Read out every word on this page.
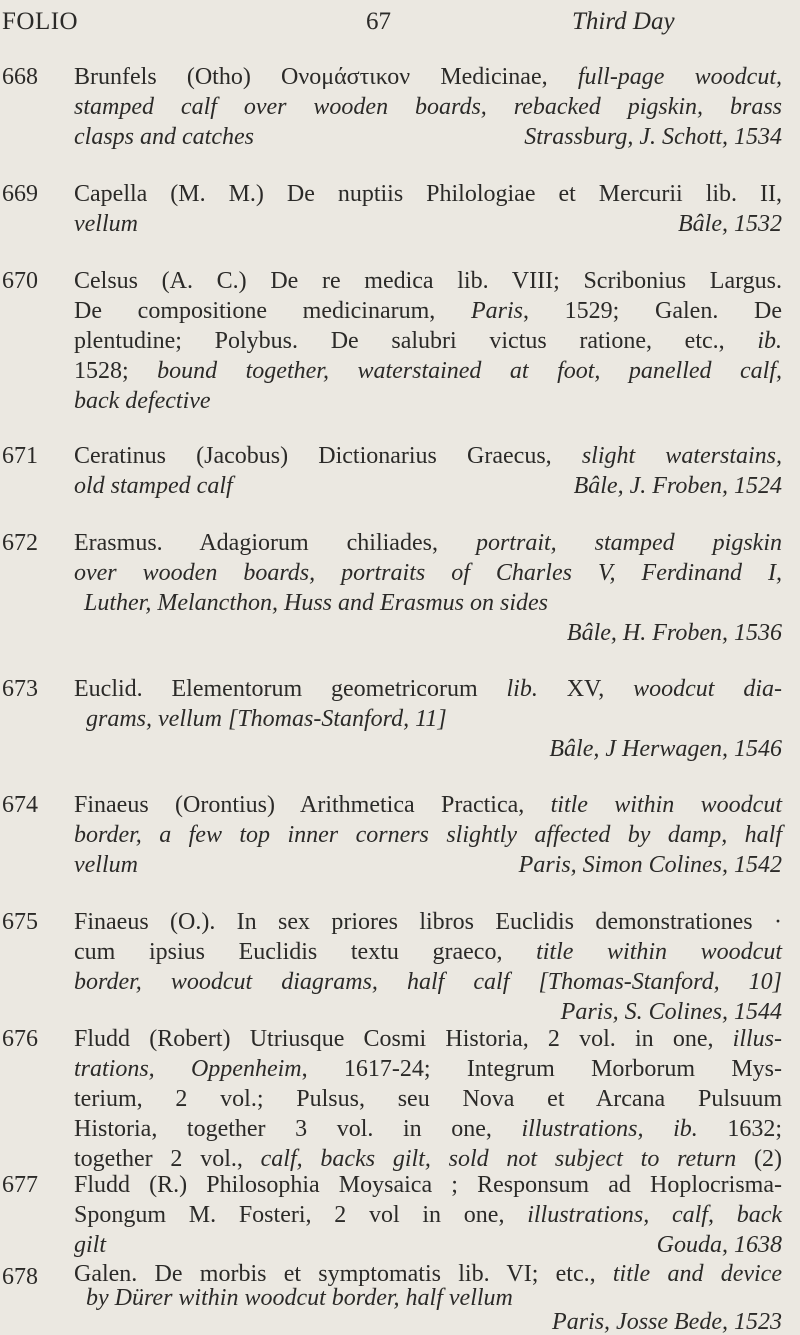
FOLIO	67	Third Day
668 Brunfels (Otho) Ονομάστικον Medicinae, full-page woodcut,
stamped calf over wooden boards, rebacked pigskin, brass
clasps and catches	Strassburg, J. Schott, 1534
669 Capella (M. M.) De nuptiis Philologiae et Mercurii lib. II,
vellum	Bâle, 1532
670 Celsus (A. C.) De re medica lib. VIII; Scribonius Largus.
De compositione medicinarum, Paris, 1529; Galen. De
plentudine; Polybus. De salubri victus ratione, etc., ib.
1528; bound together, waterstained at foot, panelled calf,
back defective
671 Ceratinus (Jacobus) Dictionarius Graecus, slight waterstains,
old stamped calf	Bâle, J. Froben, 1524
672 Erasmus. Adagiorum chiliades, portrait, stamped pigskin
over wooden boards, portraits of Charles V, Ferdinand I,
Luther, Melancthon, Huss and Erasmus on sides
Bâle, H. Froben, 1536
673 Euclid. Elementorum geometricorum lib. XV, woodcut dia-
grams, vellum [Thomas-Stanford, 11]
Bâle, J Herwagen, 1546
674 Finaeus (Orontius) Arithmetica Practica, title within woodcut
border, a few top inner corners slightly affected by damp, half
vellum	Paris, Simon Colines, 1542
675 Finaeus (O.). In sex priores libros Euclidis demonstrationes ·
cum ipsius Euclidis textu graeco, title within woodcut
border, woodcut diagrams, half calf [Thomas-Stanford, 10]
Paris, S. Colines, 1544
676 Fludd (Robert) Utriusque Cosmi Historia, 2 vol. in one, illus-
trations, Oppenheim, 1617-24; Integrum Morborum Mys-
terium, 2 vol.; Pulsus, seu Nova et Arcana Pulsuum
Historia, together 3 vol. in one, illustrations, ib. 1632;
together 2 vol., calf, backs gilt, sold not subject to return (2)
677 Fludd (R.) Philosophia Moysaica ; Responsum ad Hoplocrisma-
Spongum M. Fosteri, 2 vol in one, illustrations, calf, back
gilt	Gouda, 1638
678 Galen. De morbis et symptomatis lib. VI; etc., title and device
by Dürer within woodcut border, half vellum
Paris, Josse Bede, 1523
